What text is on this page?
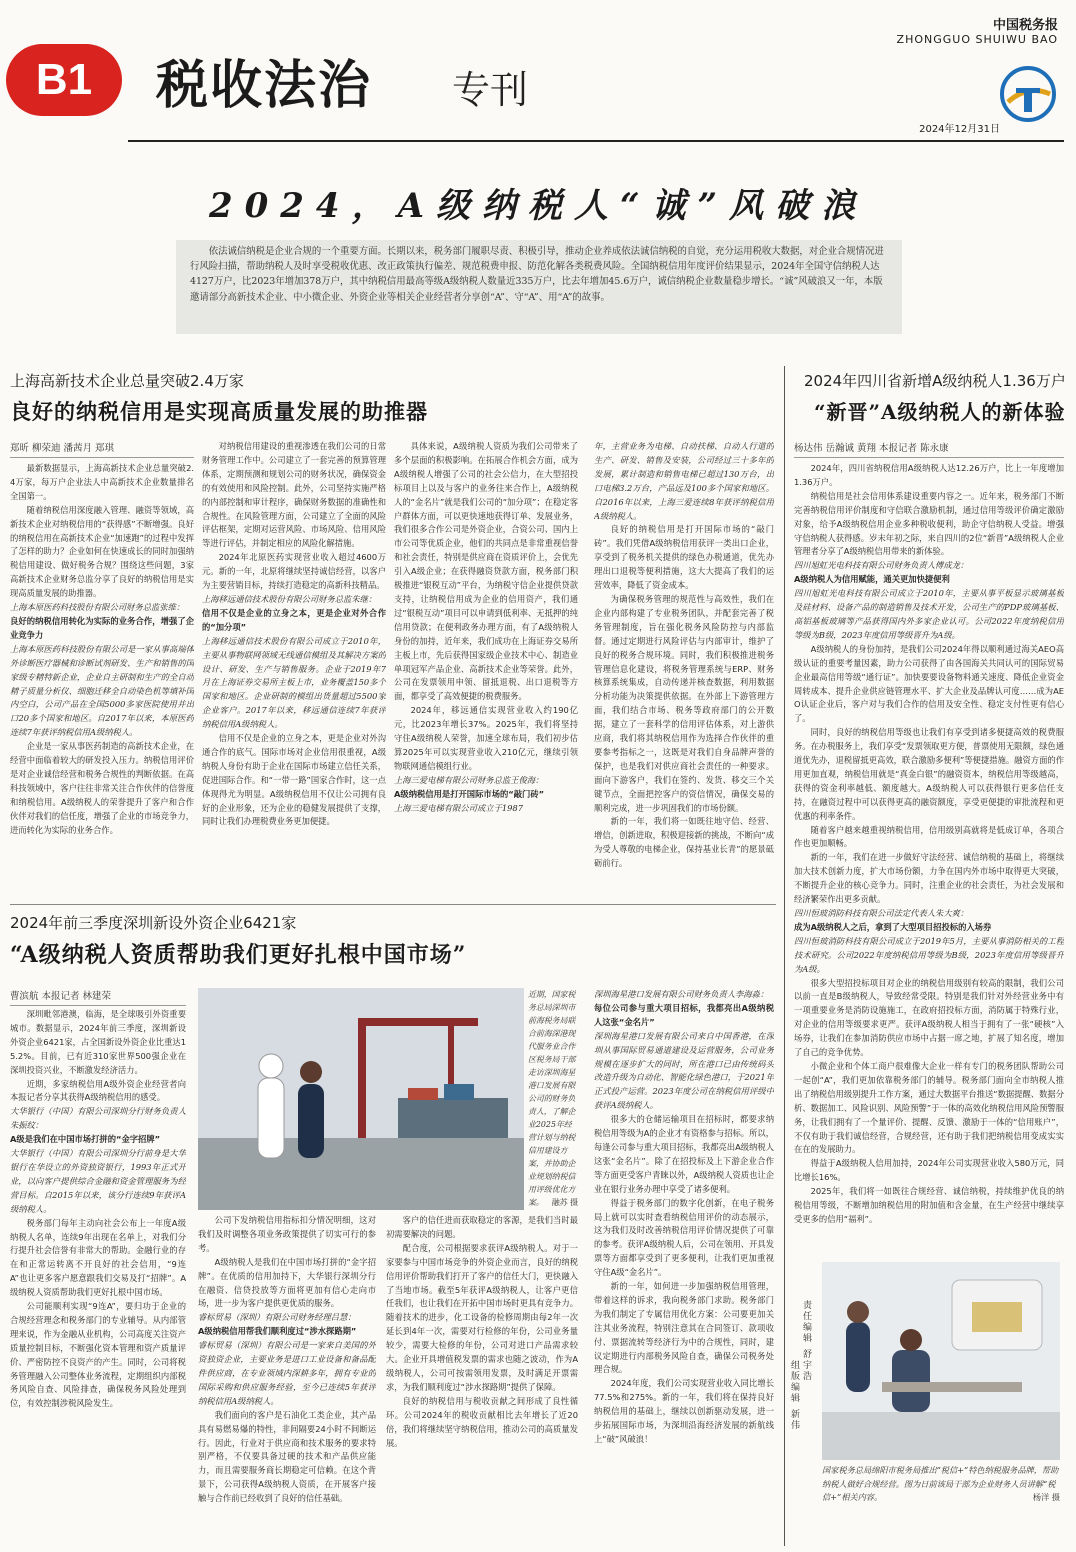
B1	税收法治 专刊
中国税务报
ZHONGGUO SHUIWU BAO
2024年12月31日
2024，A级纳税人“诚”风破浪
依法诚信纳税是企业合规的一个重要方面。长期以来，税务部门履职尽责、积极引导，推动企业养成依法诚信纳税的自觉，充分运用税收大数据，对企业合规情况进行风险扫描，帮助纳税人及时享受税收优惠、改正政策执行偏差、规范税费申报、防范化解各类税费风险。全国纳税信用年度评价结果显示，2024年全国守信纳税人达4127万户，比2023年增加378万户，其中纳税信用最高等级A级纳税人数量近335万户，比去年增加45.6万户，诚信纳税企业数量稳步增长。“诚”风破浪又一年，本版邀请部分高新技术企业、中小微企业、外资企业等相关企业经营者分享创“A”、守“A”、用“A”的故事。
上海高新技术企业总量突破2.4万家
良好的纳税信用是实现高质量发展的助推器
郑昕 柳荣迪 潘茜月 郑琪

最新数据显示，上海高新技术企业总量突破2.4万家，每万户企业法人中高新技术企业数量排名全国第一。

随着纳税信用深度融入管理、融资等领域，高新技术企业对纳税信用的“获得感”不断增强。良好的纳税信用在高新技术企业“加速跑”的过程中发挥了怎样的助力？企业如何在快速成长的同时加强纳税信用建设、做好税务合规？围绕这些问题，3家高新技术企业财务总监分享了良好的纳税信用是实现高质量发展的助推器。

上海本原医药科技股份有限公司财务总监张维：

良好的纳税信用转化为实际的业务合作，增强了企业竞争力

上海本原医药科技股份有限公司是一家从事高端体外诊断医疗器械和诊断试剂研发、生产和销售的国家级专精特新企业，企业自主研制和生产的全自动精子质量分析仪、细胞迁移全自动染色机等填补国内空白，公司产品在全国5000多家医院使用并出口20多个国家和地区。自2017年以来，本原医药连续7年获评纳税信用A级纳税人。

企业是一家从事医药制造的高新技术企业，在经营中面临着较大的研发投入压力。纳税信用评价是对企业诚信经营和税务合规性的判断依据。在高科技领域中，客户往往非常关注合作伙伴的信誉度和纳税信用。A级纳税人的荣誉提升了客户和合作伙伴对我们的信任度，增强了企业的市场竞争力，进而转化为实际的业务合作。

对纳税信用建设的重视渗透在我们公司的日常财务管理工作中。公司建立了一套完善的预算管理体系，定期预测和规划公司的财务状况，确保资金的有效使用和风险控制。此外，公司坚持实施严格的内部控制和审计程序，确保财务数据的准确性和合规性。在风险管理方面，公司建立了全面的风险评估框架，定期对运营风险、市场风险、信用风险等进行评估，并制定相应的风险化解措施。

2024年北原医药实现营业收入超过4600万元。新的一年，北原将继续坚持诚信经营，以客户为主要营销目标，持续打造稳定的高新科技精品。

上海移远通信技术股份有限公司财务总监朱继：

信用不仅是企业的立身之本，更是企业对外合作的“加分项”

上海移远通信技术股份有限公司成立于2010年，主要从事物联网领域无线通信模组及其解决方案的设计、研发、生产与销售服务。企业于2019年7月在上海证券交易所主板上市，业务覆盖150多个国家和地区。企业研制的模组出货量超过5500家企业客户。2017年以来，移远通信连续7年获评纳税信用A级纳税人。

信用不仅是企业的立身之本，更是企业对外沟通合作的底气。国际市场对企业信用很重视，A级纳税人身份有助于企业在国际市场建立信任关系，促进国际合作。和“一带一路”国家合作时，这一点体现得尤为明显。A级纳税信用不仅让公司拥有良好的企业形象，还为企业的稳健发展提供了支撑，同时让我们办理税费业务更加便捷。

具体来说，A级纳税人资质为我们公司带来了多个层面的积极影响。在拓展合作机会方面，成为A级纳税人增强了公司的社会公信力，在大型招投标项目上以及与客户的业务往来合作上，A级纳税人的“金名片”就是我们公司的“加分项”；在稳定客户群体方面，可以更快速地获得订单、发展业务，我们很多合作公司是外资企业，合资公司、国内上市公司等优质企业，他们的共同点是非常重视信誉和社会责任，特别是供应商在资质评价上，会优先引入A级企业；在获得融资贷款方面，税务部门积极推进“银税互动”平台，为纳税守信企业提供贷款支持，让纳税信用成为企业的信用资产，我们通过“银税互动”项目可以申请到低利率、无抵押的纯信用贷款；在便利政务办理方面，有了A级纳税人身份的加持，近年来，我们成功在上海证券交易所主板上市，先后获得国家级企业技术中心、制造业单项冠军产品企业、高新技术企业等荣誉。此外，公司在发票领用申领、留抵退税、出口退税等方面，都享受了高效便捷的税费服务。

2024年，移远通信实现营业收入约190亿元，比2023年增长37%。2025年，我们将坚持守住A级纳税人荣誉，加速全球布局，我们初步估算2025年可以实现营业收入210亿元，继续引领物联网通信模组行业。

上海三爱电梯有限公司财务总监王俊海：

A级纳税信用是打开国际市场的“敲门砖”

上海三爱电梯有限公司成立于1987

年，主营业务为电梯、自动扶梯、自动人行道的生产、研发、销售及安装，公司经过三十多年的发展，累计制造和销售电梯已超过130万台，出口电梯3.2万台，产品远及100多个国家和地区。自2016年以来，上海三爱连续8年获评纳税信用A级纳税人。

良好的纳税信用是打开国际市场的“敲门砖”。我们凭借A级纳税信用获评一类出口企业，享受到了税务机关提供的绿色办税通道，优先办理出口退税等便利措施，这大大提高了我们的运营效率，降低了资金成本。

为确保税务管理的规范性与高效性，我们在企业内部构建了专业税务团队，并配套完善了税务管理制度，旨在强化税务风险防控与内部监督。通过定期进行风险评估与内部审计，维护了良好的税务合规环境。同时，我们积极推进税务管理信息化建设，将税务管理系统与ERP、财务核算系统集成，自动传递并核查数据，利用数据分析功能为决策提供依据。在外部上下游管理方面，我们结合市场、税务等政府部门的公开数据，建立了一套科学的信用评估体系，对上游供应商，我们将其纳税信用作为选择合作伙伴的重要参考指标之一，这既是对我们自身品牌声誉的保护，也是我们对供应商社会责任的一种要求。面向下游客户，我们在签约、发货、移交三个关键节点，全面把控客户的资信情况，确保交易的顺利完成，进一步巩固我们的市场份额。

新的一年，我们将一如既往地守信、经营、增信，创新进取，积极迎接新的挑战，不断向“成为受人尊敬的电梯企业，保持基业长青”的愿景砥砺前行。

2024年四川省新增A级纳税人1.36万户
“新晋”A级纳税人的新体验
杨达伟 岳瀚诚 黄翔 本报记者 陈永康

2024年，四川省纳税信用A级纳税人达12.26万户，比上一年度增加1.36万户。

纳税信用是社会信用体系建设重要内容之一。近年来，税务部门不断完善纳税信用评价制度和守信联合激励机制，通过信用等级评价确定激励对象，给予A级纳税信用企业多种税收便利，助企守信纳税人受益。增强守信纳税人获得感。岁末年初之际，来自四川的2位“新晋”A级纳税人企业管理者分享了A级纳税信用带来的新体验。

四川旭虹光电科技有限公司财务负责人傅成龙：

A级纳税人为信用赋能，通关更加快捷便利

四川旭虹光电科技有限公司成立于2010年，主要从事平板显示玻璃基板及硅材料、设备产品的制造销售及技术开发，公司生产的PDP玻璃基板、高铝基板玻璃等产品获得国内外多家企业认可。公司2022年度纳税信用等级为B级，2023年度信用等级晋升为A级。

A级纳税人的身份加持，是我们公司2024年得以顺利通过海关AEO高级认证的重要考量因素，助力公司获得了由各国海关共同认可的国际贸易企业最高信用等级“通行证”。加快要要设备物料通关速度、降低企业资金周转成本、提升企业供应链管理水平、扩大企业及品牌认可度……成为AEO认证企业后，客户对与我们合作的信用及安全性、稳定支付性更有信心了。

同时，良好的纳税信用等级也让我们有享受到诸多便捷高效的税费服务。在办税服务上，我们享受“发票领取更方便，普票使用无限额，绿色通道优先办，退税留抵更高效，联合激励多便利”等便捷措施。融资方面的作用更加直观，纳税信用就是“真金白银”的融资资本，纳税信用等级越高，获得的资金利率越低、额度越大。A级纳税人可以获得银行更多信任支持，在融资过程中可以获得更高的融资额度，享受更便捷的审批流程和更优惠的利率条件。

随着客户越来越重视纳税信用，信用级别高就将是低成订单，各项合作也更加顺畅。

新的一年，我们在进一步做好守法经营、诚信纳税的基础上，将继续加大技术创新力度，扩大市场份额，力争在国内外市场中取得更大突破，不断提升企业的核心竞争力。同时，注重企业的社会责任，为社会发展和经济繁荣作出更多贡献。

四川恒玻消防科技有限公司法定代表人朱大爽：

成为A级纳税人之后，拿到了大型项目招投标的入场券

四川恒玻消防科技有限公司成立于2019年5月，主要从事消防相关的工程技术研究。公司2022年度纳税信用等级为B级，2023年度信用等级晋升为A级。

很多大型招投标项目对企业的纳税信用级别有较高的限制，我们公司以前一直是B级纳税人，导致经常受限。特别是我们针对外经营业务中有一项重要业务是消防设施施工，在政府招投标方面，消防属于特殊行业，对企业的信用等级要求更严。获评A级纳税人相当于拥有了一张“硬核”入场券，让我们在参加消防供应市场中占据一席之地，扩展了知名度，增加了自己的竞争优势。

小微企业和个体工商户很难像大企业一样有专门的税务团队帮助公司一起创“A”，我们更加依靠税务部门的辅导。税务部门面向全市纳税人推出了纳税信用级别提升工作方案，通过大数据平台推送“数据提醒、数据分析、数据加工、风险识别、风险预警”于一体的高效化纳税信用风险预警服务，让我们拥有了一个量评价、提醒、反馈、激励于一体的“信用账户”，不仅有助于我们诚信经营，合规经营，还有助于我们把纳税信用变成实实在在的发展助力。

得益于A级纳税人信用加持，2024年公司实现营业收入580万元，同比增长16%。

2025年，我们将一如既往合规经营、诚信纳税，持续维护优良的纳税信用等级，不断增加纳税信用的附加值和含金量，在生产经营中继续享受更多的信用“福利”。

国家税务总局绵阳市税务局推出“税信+”特色纳税服务品牌，帮助纳税人做好合规经营。图为日前该局干部为企业财务人员讲解“税信+”相关内容。	杨洋 摄
责任编辑 舒宇浩
组版编辑 新伟
2024年前三季度深圳新设外资企业6421家
“A级纳税人资质帮助我们更好扎根中国市场”
曹滨航 本报记者 林建荣

深圳毗邻港澳，临海，是全球吸引外资重要城市。数据显示，2024年前三季度，深圳新设外资企业6421家，占全国新设外资企业比重达15.2%。目前，已有近310家世界500强企业在深圳投资兴业，不断激发经济活力。

近期，多家纳税信用A级外资企业经营者向本报记者分享其获得A级纳税信用的感受。

大华银行（中国）有限公司深圳分行财务负责人朱振纹：

A级是我们在中国市场打拼的“金字招牌”

大华银行（中国）有限公司深圳分行前身是大华银行在华设立的外资独资银行，1993年正式开业，以向客户提供综合金融和资金管理服务为经营目标。自2015年以来，该分行连续9年获评A级纳税人。

税务部门每年主动向社会公布上一年度A级纳税人名单，连续9年出现在名单上，对我们分行提升社会信誉有非常大的帮助。金融行业的存在和正常运转离不开良好的社会信用，“9连A”也让更多客户愿意跟我们交易及打“招牌”。A级纳税人资质帮助我们更好扎根中国市场。

公司能顺利实现“9连A”，要归功于企业的合规经营理念和税务部门的专业辅导。从内部管理来说，作为金融从业机构，公司高度关注资产质量控制目标，不断强化资本管理和资产质量评价、严密防控不良资产的产生。同时，公司将税务管理融入公司整体业务流程，定期组织内部税务风险自查、风险排查，确保税务风险处理到位，有效控制涉税风险发生。

近期，国家税务总局深圳市前海税务局联合前海深港现代服务业合作区税务局干部走访深圳海星港口发展有限公司的财务负责人，了解企业2025年经营计划与纳税信用建设方案，并协助企业规划纳税信用评级优化方案。 融苏 摄

公司下发纳税信用指标扣分情况明细，这对我们及时调整各项业务政策提供了切实可行的参考。

A级纳税人是我们在中国市场打拼的“金字招牌”。在优质的信用加持下，大华银行深圳分行在融资、信贷投放等方面将更加有信心走向市场，进一步为客户提供更优质的服务。

睿标贸易（深圳）有限公司财务经理吕慧：

A级纳税信用帮我们顺利度过“涉水探路期”

睿标贸易（深圳）有限公司是一家来自美国的外资独资企业，主要业务是进口工业设备和备品配件供应商，在专业领域内深耕多年，拥有专业的国际采购和供应服务经验，至今已连续5年获评纳税信用A级纳税人。

我们面向的客户是石油化工类企业，其产品具有易燃易爆的特性，非间隔要24小时不间断运行。因此，行业对于供应商和技术服务的要求特别严格，不仅要具备过硬的技术和产品供应能力，而且需要服务商长期稳定可信赖。在这个背景下，公司获得A级纳税人资质，在开展客户接触与合作前已经收到了良好的信任基础。

客户的信任进而获取稳定的客源，是我们当时最初需要解决的问题。

配合度，公司根据要求获评A级纳税人。对于一家要参与中国市场竞争的外资企业而言，良好的纳税信用评价帮助我们打开了客户的信任大门，更快融入了当地市场。截至5年获评A级纳税人，让客户更信任我们，也让我们在开拓中国市场时更具有竞争力。随着技术的进步，化工设备的检修周期由每2年一次延长到4年一次，需要对行检修的年份，公司业务量较少，需要大检修的年份，公司对进口产品需求较大。企业开具增值税发票的需求也随之波动，作为A级纳税人，公司可按需领用发票，及时满足开票需求，为我们顺利度过“涉水探路期”提供了保障。

良好的纳税信用与税收贡献之间形成了良性循环。公司2024年的税收贡献相比去年增长了近20倍，我们将继续坚守纳税信用，推动公司的高质量发展。

深圳海星港口发展有限公司财务负责人李海淼：

每位公司参与重大项目招标，我都亮出A级纳税人这张“金名片”

深圳海星港口发展有限公司来自中国香港，在深圳从事国际贸易通道建设及运营服务，公司业务规模在逐步扩大的同时，所在港口已由传统码头改造升级为自动化、智能化绿色港口，于2021年正式投产运营。2023年度公司在纳税信用评级中获评A级纳税人。

很多大的仓储运输项目在招标时，都要求纳税信用等级为A的企业才有资格参与招标。所以，每逢公司参与重大项目招标，我都亮出A级纳税人这张“金名片”。除了在招投标及上下游企业合作等方面更受客户青睐以外，A级纳税人资质也让企业在银行业务办理中享受了诸多便利。

得益于税务部门的数字化创新，在电子税务局上就可以实时查看纳税信用评价的动态展示，这为我们及时改善纳税信用评价情况提供了可靠的参考。获评A级纳税人后，公司在领用、开具发票等方面都享受到了更多便利，让我们更加重视守住A级“金名片”。

新的一年，如何进一步加强纳税信用管理，带着这样的诉求，我向税务部门求助。税务部门为我们制定了专属信用优化方案：公司要更加关注其业务流程，特别注意其在合同签订、款项收付、票据流转等经济行为中的合规性，同时，建议定期进行内部税务风险自查，确保公司税务处理合规。

2024年度，我们公司实现营业收入同比增长77.5%和275%。新的一年，我们将在保持良好纳税信用的基础上，继续以创新驱动发展，进一步拓展国际市场，为深圳沿海经济发展的新航线上“破”风破浪！
